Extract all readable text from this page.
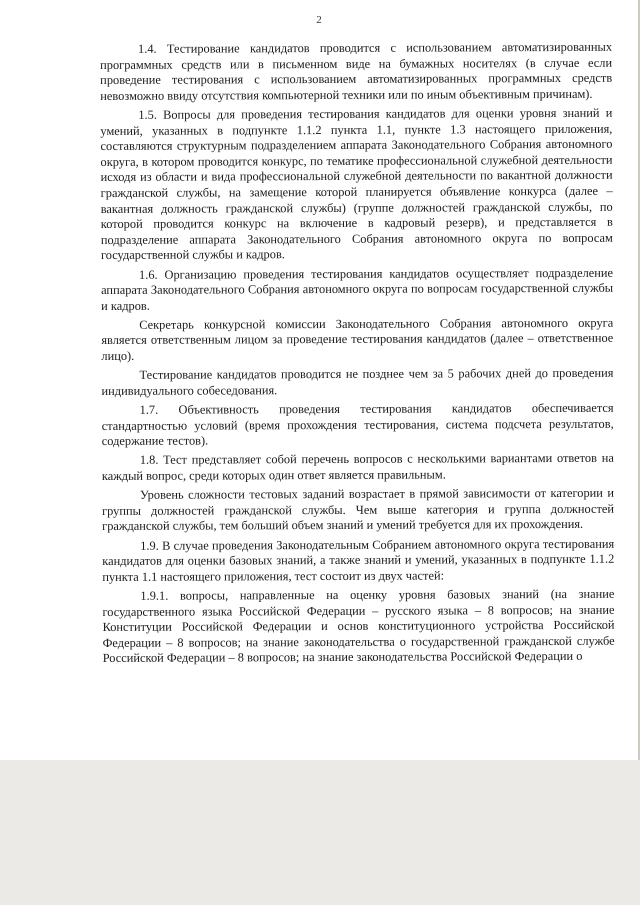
2

1.4. Тестирование кандидатов проводится с использованием автоматизированных программных средств или в письменном виде на бумажных носителях (в случае если проведение тестирования с использованием автоматизированных программных средств невозможно ввиду отсутствия компьютерной техники или по иным объективным причинам).

1.5. Вопросы для проведения тестирования кандидатов для оценки уровня знаний и умений, указанных в подпункте 1.1.2 пункта 1.1, пункте 1.3 настоящего приложения, составляются структурным подразделением аппарата Законодательного Собрания автономного округа, в котором проводится конкурс, по тематике профессиональной служебной деятельности исходя из области и вида профессиональной служебной деятельности по вакантной должности гражданской службы, на замещение которой планируется объявление конкурса (далее – вакантная должность гражданской службы) (группе должностей гражданской службы, по которой проводится конкурс на включение в кадровый резерв), и представляется в подразделение аппарата Законодательного Собрания автономного округа по вопросам государственной службы и кадров.

1.6. Организацию проведения тестирования кандидатов осуществляет подразделение аппарата Законодательного Собрания автономного округа по вопросам государственной службы и кадров.

Секретарь конкурсной комиссии Законодательного Собрания автономного округа является ответственным лицом за проведение тестирования кандидатов (далее – ответственное лицо).

Тестирование кандидатов проводится не позднее чем за 5 рабочих дней до проведения индивидуального собеседования.

1.7. Объективность проведения тестирования кандидатов обеспечивается стандартностью условий (время прохождения тестирования, система подсчета результатов, содержание тестов).

1.8. Тест представляет собой перечень вопросов с несколькими вариантами ответов на каждый вопрос, среди которых один ответ является правильным.

Уровень сложности тестовых заданий возрастает в прямой зависимости от категории и группы должностей гражданской службы. Чем выше категория и группа должностей гражданской службы, тем больший объем знаний и умений требуется для их прохождения.

1.9. В случае проведения Законодательным Собранием автономного округа тестирования кандидатов для оценки базовых знаний, а также знаний и умений, указанных в подпункте 1.1.2 пункта 1.1 настоящего приложения, тест состоит из двух частей:

1.9.1. вопросы, направленные на оценку уровня базовых знаний (на знание государственного языка Российской Федерации – русского языка – 8 вопросов; на знание Конституции Российской Федерации и основ конституционного устройства Российской Федерации – 8 вопросов; на знание законодательства о государственной гражданской службе Российской Федерации – 8 вопросов; на знание законодательства Российской Федерации о
